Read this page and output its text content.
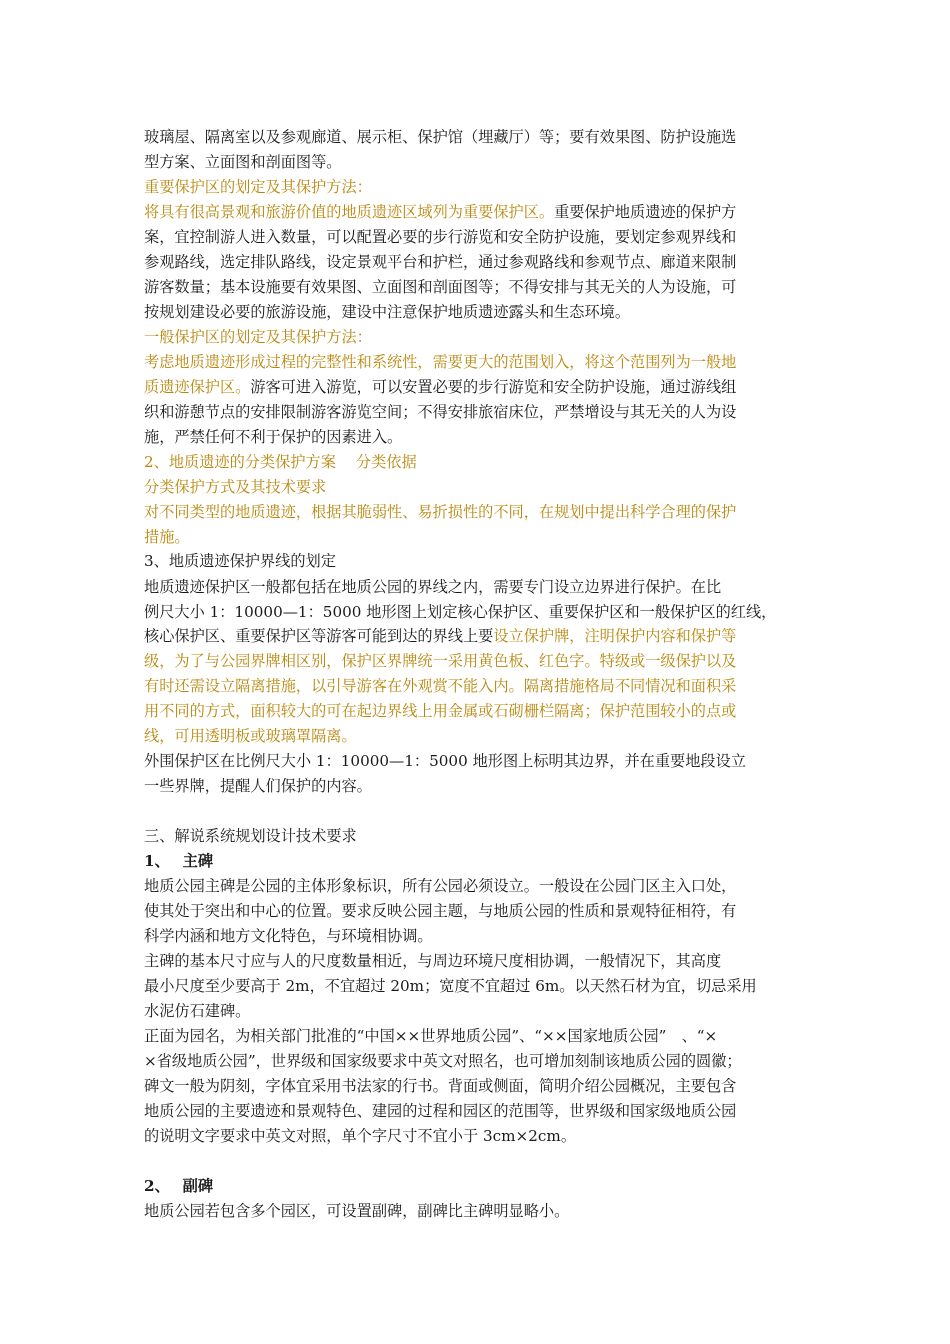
玻璃屋、隔离室以及参观廊道、展示柜、保护馆（埋藏厅）等；要有效果图、防护设施选
型方案、立面图和剖面图等。
重要保护区的划定及其保护方法：
将具有很高景观和旅游价值的地质遗迹区域列为重要保护区。重要保护地质遗迹的保护方
案，宜控制游人进入数量，可以配置必要的步行游览和安全防护设施，要划定参观界线和
参观路线，选定排队路线，设定景观平台和护栏，通过参观路线和参观节点、廊道来限制
游客数量；基本设施要有效果图、立面图和剖面图等；不得安排与其无关的人为设施，可
按规划建设必要的旅游设施，建设中注意保护地质遗迹露头和生态环境。
一般保护区的划定及其保护方法：
考虑地质遗迹形成过程的完整性和系统性，需要更大的范围划入，将这个范围列为一般地
质遗迹保护区。游客可进入游览，可以安置必要的步行游览和安全防护设施，通过游线组
织和游憩节点的安排限制游客游览空间；不得安排旅宿床位，严禁增设与其无关的人为设
施，严禁任何不利于保护的因素进入。
2、地质遗迹的分类保护方案　 分类依据
分类保护方式及其技术要求
对不同类型的地质遗迹，根据其脆弱性、易折损性的不同，在规划中提出科学合理的保护
措施。
3、地质遗迹保护界线的划定
地质遗迹保护区一般都包括在地质公园的界线之内，需要专门设立边界进行保护。在比
例尺大小 1：10000—1：5000 地形图上划定核心保护区、重要保护区和一般保护区的红线，
核心保护区、重要保护区等游客可能到达的界线上要设立保护牌，注明保护内容和保护等
级，为了与公园界牌相区别，保护区界牌统一采用黄色板、红色字。特级或一级保护以及
有时还需设立隔离措施，以引导游客在外观赏不能入内。隔离措施格局不同情况和面积采
用不同的方式，面积较大的可在起边界线上用金属或石砌栅栏隔离；保护范围较小的点或
线，可用透明板或玻璃罩隔离。
外围保护区在比例尺大小 1：10000—1：5000 地形图上标明其边界，并在重要地段设立
一些界牌，提醒人们保护的内容。
三、解说系统规划设计技术要求
1、　 主碑
地质公园主碑是公园的主体形象标识，所有公园必须设立。一般设在公园门区主入口处，
使其处于突出和中心的位置。要求反映公园主题，与地质公园的性质和景观特征相符，有
科学内涵和地方文化特色，与环境相协调。
主碑的基本尺寸应与人的尺度数量相近，与周边环境尺度相协调，一般情况下，其高度
最小尺度至少要高于 2m，不宜超过 20m；宽度不宜超过 6m。以天然石材为宜，切忌采用
水泥仿石建碑。
正面为园名，为相关部门批准的“中国××世界地质公园”、“××国家地质公园”　、“×
×省级地质公园”，世界级和国家级要求中英文对照名，也可增加刻制该地质公园的圆徽；
碑文一般为阴刻，字体宜采用书法家的行书。背面或侧面，简明介绍公园概况，主要包含
地质公园的主要遗迹和景观特色、建园的过程和园区的范围等，世界级和国家级地质公园
的说明文字要求中英文对照，单个字尺寸不宜小于 3cm×2cm。
2、　 副碑
地质公园若包含多个园区，可设置副碑，副碑比主碑明显略小。
